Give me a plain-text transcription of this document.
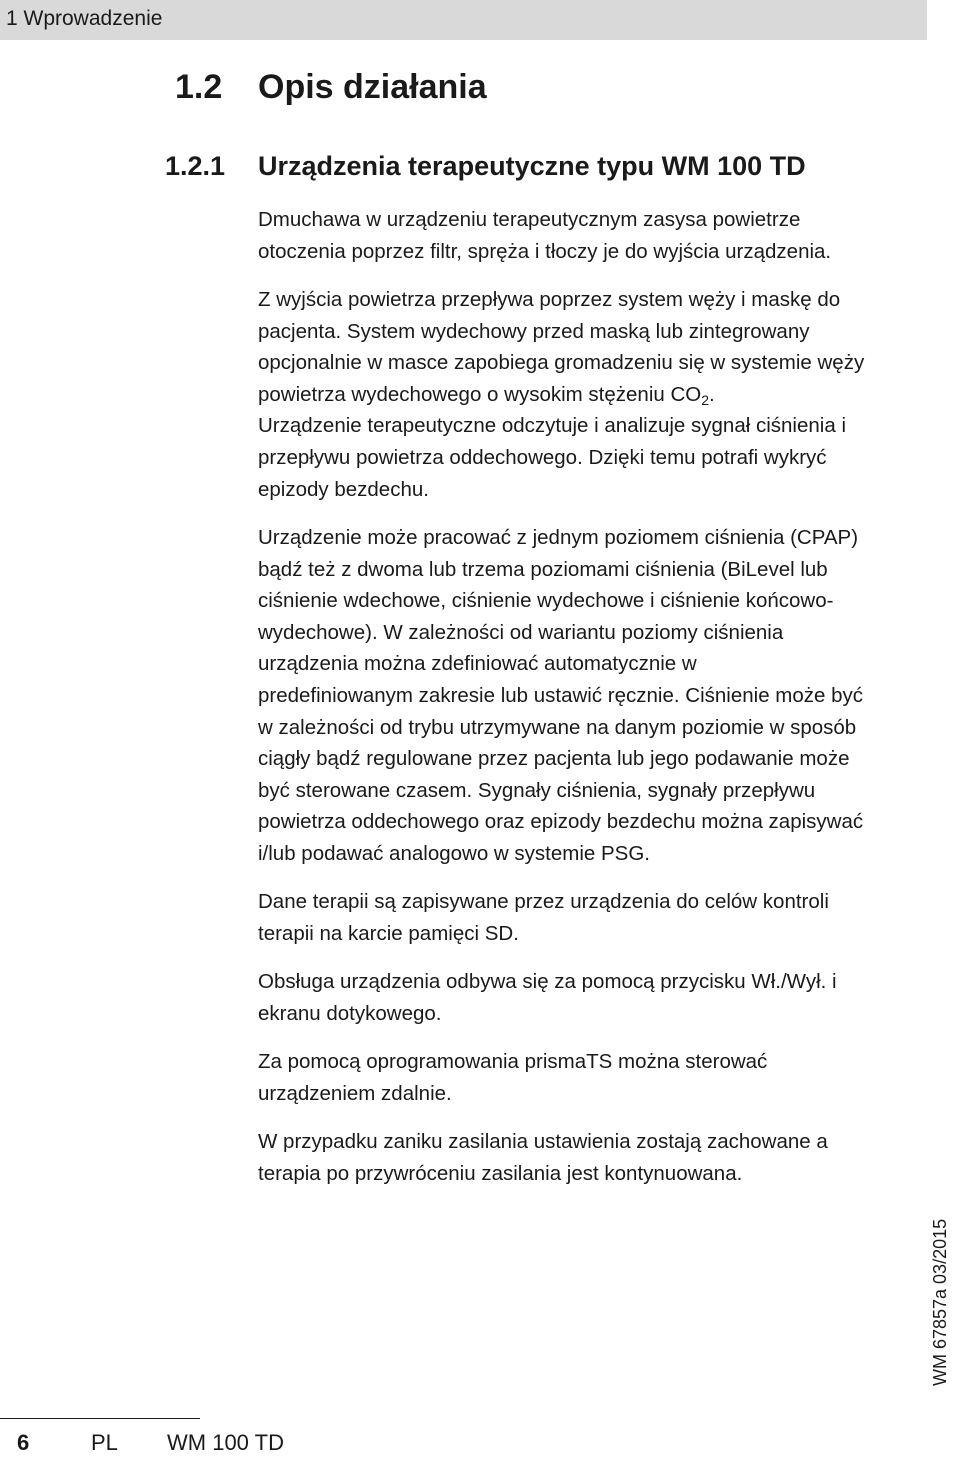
1 Wprowadzenie
1.2 Opis działania
1.2.1 Urządzenia terapeutyczne typu WM 100 TD

Dmuchawa w urządzeniu terapeutycznym zasysa powietrze
otoczenia poprzez filtr, spręża i tłoczy je do wyjścia urządzenia.

Z wyjścia powietrza przepływa poprzez system węży i maskę do
pacjenta. System wydechowy przed maską lub zintegrowany
opcjonalnie w masce zapobiega gromadzeniu się w systemie węży
powietrza wydechowego o wysokim stężeniu $CO_2$.
Urządzenie terapeutyczne odczytuje i analizuje sygnał ciśnienia i
przepływu powietrza oddechowego. Dzięki temu potrafi wykryć
epizody bezdechu.

Urządzenie może pracować z jednym poziomem ciśnienia (CPAP)
bądź też z dwoma lub trzema poziomami ciśnienia (BiLevel lub
ciśnienie wdechowe, ciśnienie wydechowe i ciśnienie końcowo-
wydechowe). W zależności od wariantu poziomy ciśnienia
urządzenia można zdefiniować automatycznie w
predefiniowanym zakresie lub ustawić ręcznie. Ciśnienie może być
w zależności od trybu utrzymywane na danym poziomie w sposób
ciągły bądź regulowane przez pacjenta lub jego podawanie może
być sterowane czasem. Sygnały ciśnienia, sygnały przepływu
powietrza oddechowego oraz epizody bezdechu można zapisywać
i/lub podawać analogowo w systemie PSG.

Dane terapii są zapisywane przez urządzenia do celów kontroli
terapii na karcie pamięci SD.

Obsługa urządzenia odbywa się za pomocą przycisku Wł./Wył. i
ekranu dotykowego.

Za pomocą oprogramowania prismaTS można sterować
urządzeniem zdalnie.

W przypadku zaniku zasilania ustawienia zostają zachowane a
terapia po przywróceniu zasilania jest kontynuowana.

WM 67857a 03/2015
6	PL WM 100 TD
